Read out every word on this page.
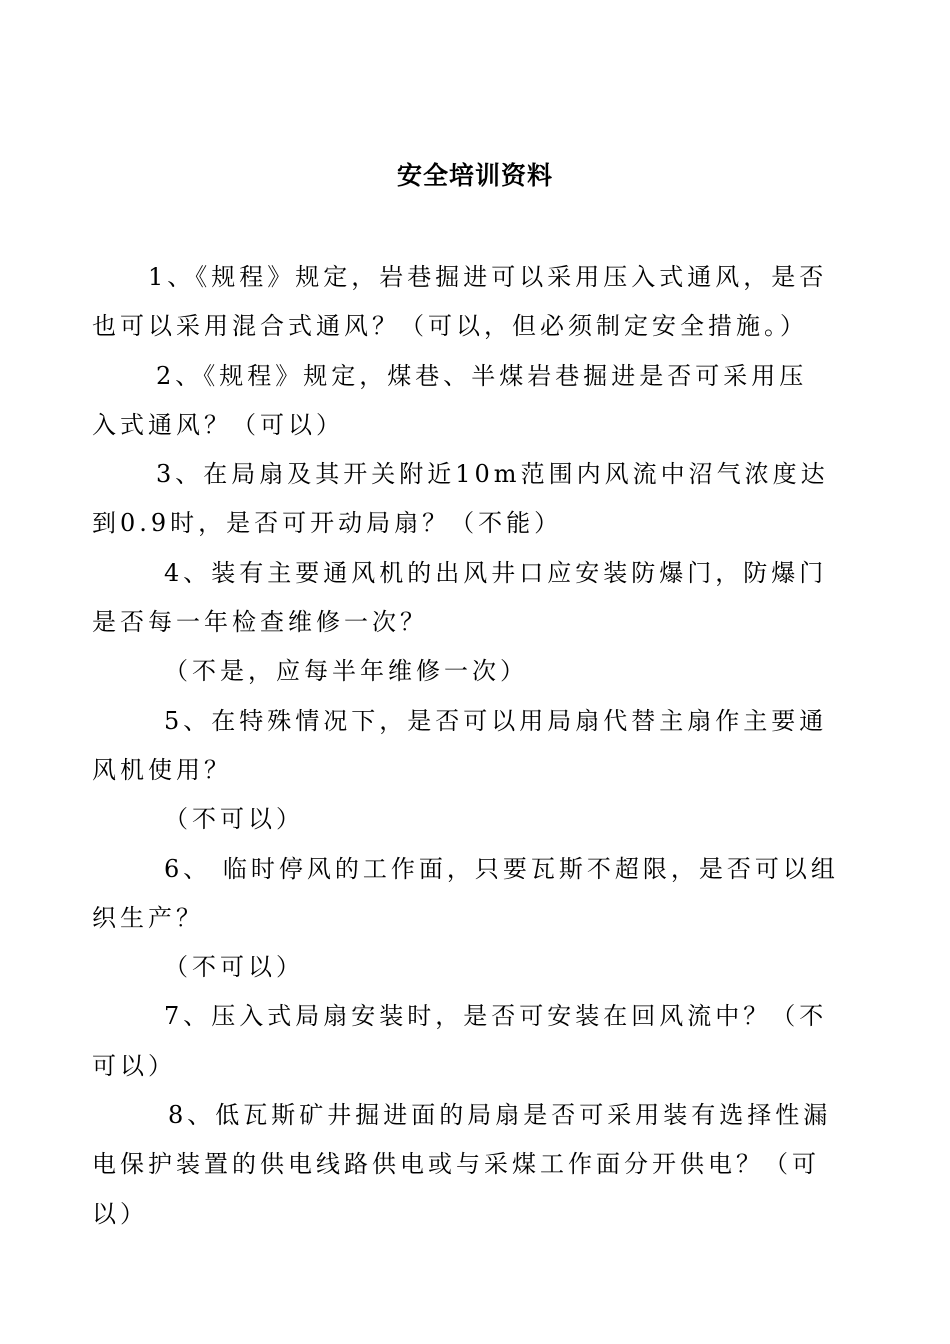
安全培训资料

1、《规程》规定，岩巷掘进可以采用压入式通风，是否
也可以采用混合式通风？（可以，但必须制定安全措施。）

2、《规程》规定，煤巷、半煤岩巷掘进是否可采用压
入式通风？（可以）

3、在局扇及其开关附近10m范围内风流中沼气浓度达
到0.9时，是否可开动局扇？（不能）

4、装有主要通风机的出风井口应安装防爆门，防爆门
是否每一年检查维修一次？

（不是，应每半年维修一次）

5、在特殊情况下，是否可以用局扇代替主扇作主要通
风机使用？

（不可以）

6、 临时停风的工作面，只要瓦斯不超限，是否可以组
织生产？

（不可以）

7、压入式局扇安装时，是否可安装在回风流中？（不
可以）

8、低瓦斯矿井掘进面的局扇是否可采用装有选择性漏
电保护装置的供电线路供电或与采煤工作面分开供电？（可
以）
